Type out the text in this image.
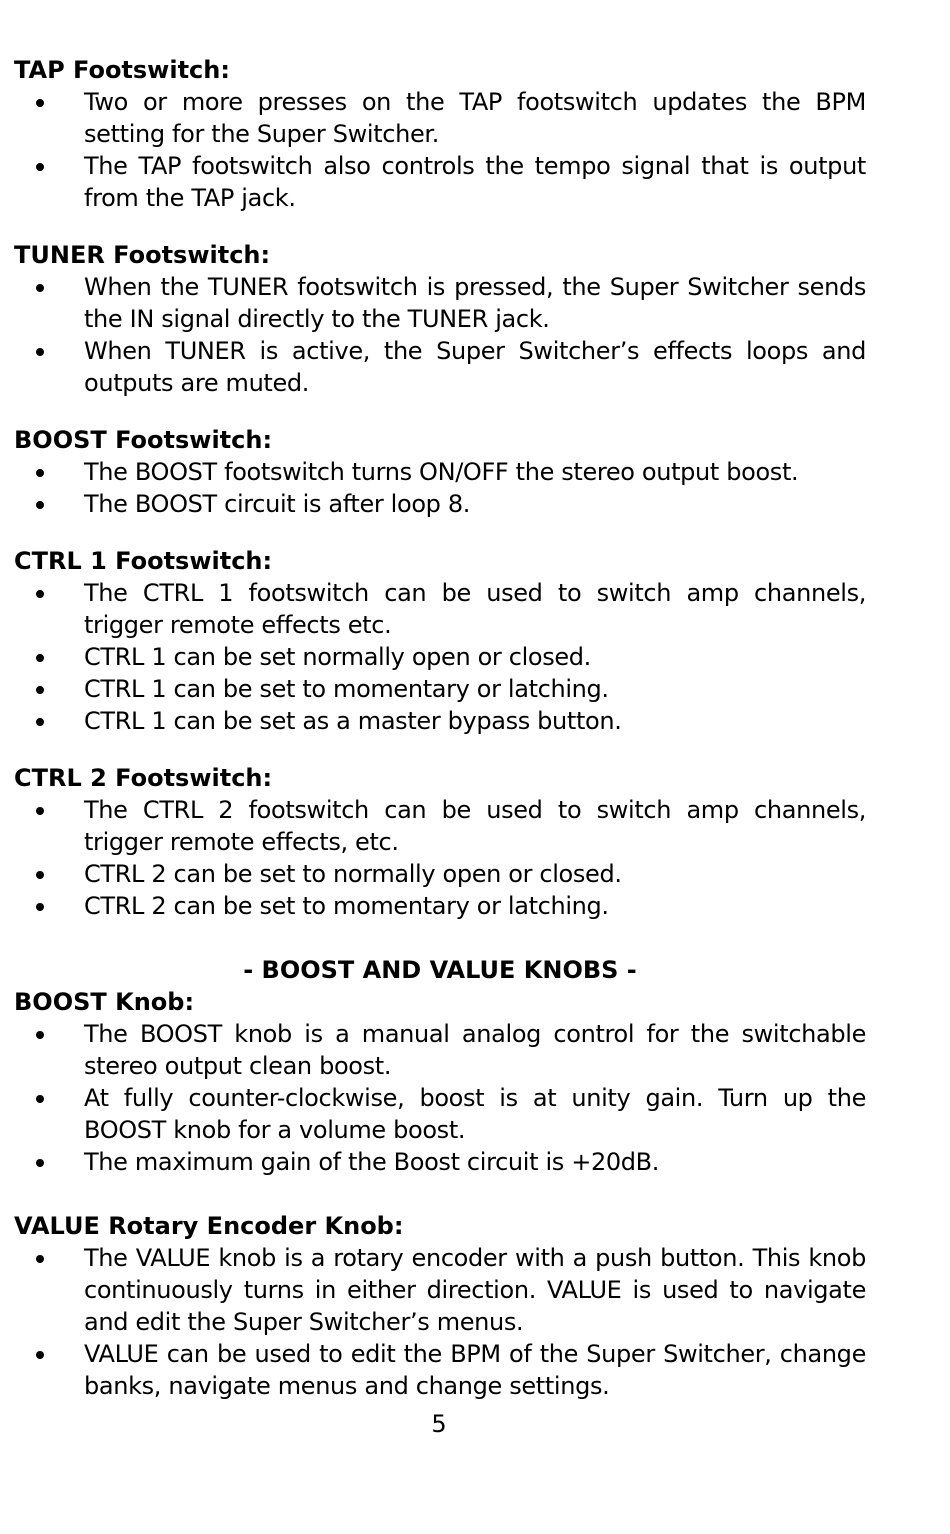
TAP Footswitch:

Two or more presses on the TAP footswitch updates the BPM setting for the Super Switcher.
The TAP footswitch also controls the tempo signal that is output from the TAP jack.

TUNER Footswitch:

When the TUNER footswitch is pressed, the Super Switcher sends the IN signal directly to the TUNER jack.
When TUNER is active, the Super Switcher’s effects loops and outputs are muted.

BOOST Footswitch:

The BOOST footswitch turns ON/OFF the stereo output boost.
The BOOST circuit is after loop 8.

CTRL 1 Footswitch:

The CTRL 1 footswitch can be used to switch amp channels, trigger remote effects etc.
CTRL 1 can be set normally open or closed.
CTRL 1 can be set to momentary or latching.
CTRL 1 can be set as a master bypass button.

CTRL 2 Footswitch:

The CTRL 2 footswitch can be used to switch amp channels, trigger remote effects, etc.
CTRL 2 can be set to normally open or closed.
CTRL 2 can be set to momentary or latching.

- BOOST AND VALUE KNOBS -

BOOST Knob:

The BOOST knob is a manual analog control for the switchable stereo output clean boost.
At fully counter-clockwise, boost is at unity gain. Turn up the BOOST knob for a volume boost.
The maximum gain of the Boost circuit is +20dB.

VALUE Rotary Encoder Knob:

The VALUE knob is a rotary encoder with a push button. This knob continuously turns in either direction. VALUE is used to navigate and edit the Super Switcher’s menus.
VALUE can be used to edit the BPM of the Super Switcher, change banks, navigate menus and change settings.
5
